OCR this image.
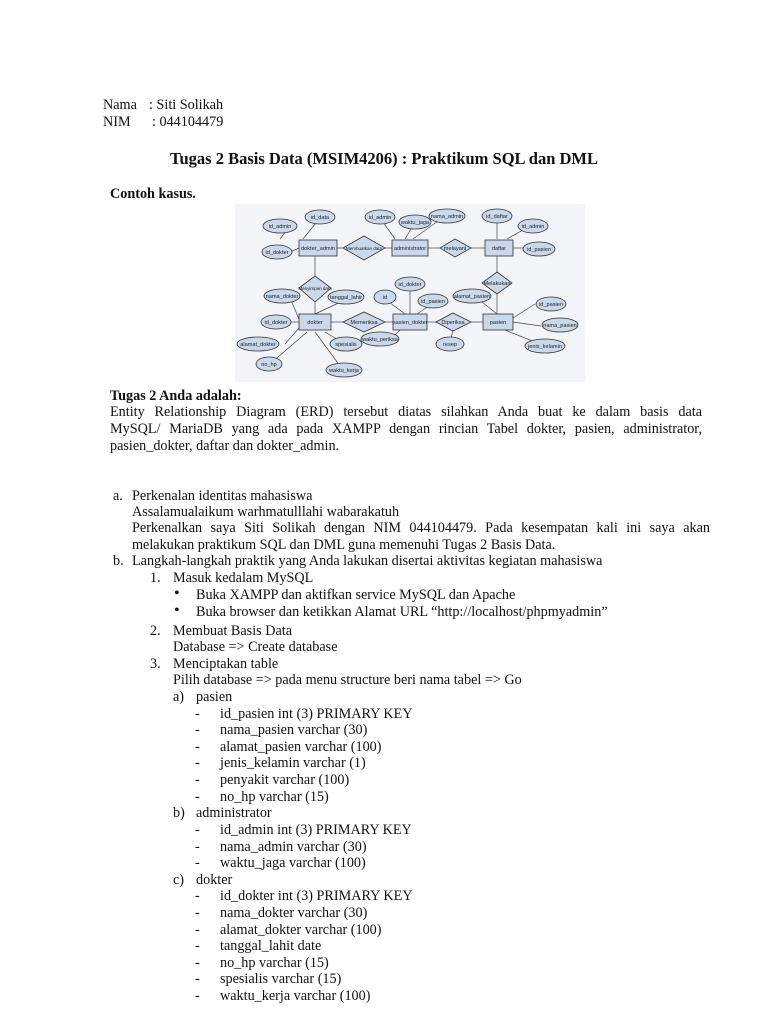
Nama : Siti Solikah

NIM : 044104479

Tugas 2 Basis Data (MSIM4206) : Praktikum SQL dan DML

Contoh kasus.

dokter_admin	administrator	daftar
dokter	pasien_dokter	pasien
Membuatkan data	melayani
Menyimpan data
Memeriksa	Diperiksa
Melakukan
id_admin
id_data
id_dokter
id_admin
waktu_jaga
nama_admin	id_daftar
id_admin
id_pasien
nama_dokter	tanggal_lahir
id_dokter
alamat_dokter
no_hp
spesialis
waktu_kerja
id
id_dokter
id_pasien
waktu_periksa
resep
alamat_pasien
id_pasien
nama_pasien
jenis_kelamin

Tugas 2 Anda adalah:

Entity Relationship Diagram (ERD) tersebut diatas silahkan Anda buat ke dalam basis data

MySQL/ MariaDB yang ada pada XAMPP dengan rincian Tabel dokter, pasien, administrator,

pasien_dokter, daftar dan dokter_admin.

a. Perkenalan identitas mahasiswa

Assalamualaikum warhmatulllahi wabarakatuh

Perkenalkan saya Siti Solikah dengan NIM 044104479. Pada kesempatan kali ini saya akan

melakukan praktikum SQL dan DML guna memenuhi Tugas 2 Basis Data.

b. Langkah-langkah praktik yang Anda lakukan disertai aktivitas kegiatan mahasiswa

1. Masuk kedalam MySQL

• Buka XAMPP dan aktifkan service MySQL dan Apache

• Buka browser dan ketikkan Alamat URL “http://localhost/phpmyadmin”

2. Membuat Basis Data

Database => Create database

3. Menciptakan table

Pilih database => pada menu structure beri nama tabel => Go

a) pasien

- id_pasien int (3) PRIMARY KEY

- nama_pasien varchar (30)

- alamat_pasien varchar (100)

- jenis_kelamin varchar (1)

- penyakit varchar (100)

- no_hp varchar (15)

b) administrator

- id_admin int (3) PRIMARY KEY

- nama_admin varchar (30)

- waktu_jaga varchar (100)

c) dokter

- id_dokter int (3) PRIMARY KEY

- nama_dokter varchar (30)

- alamat_dokter varchar (100)

- tanggal_lahit date

- no_hp varchar (15)

- spesialis varchar (15)

- waktu_kerja varchar (100)
